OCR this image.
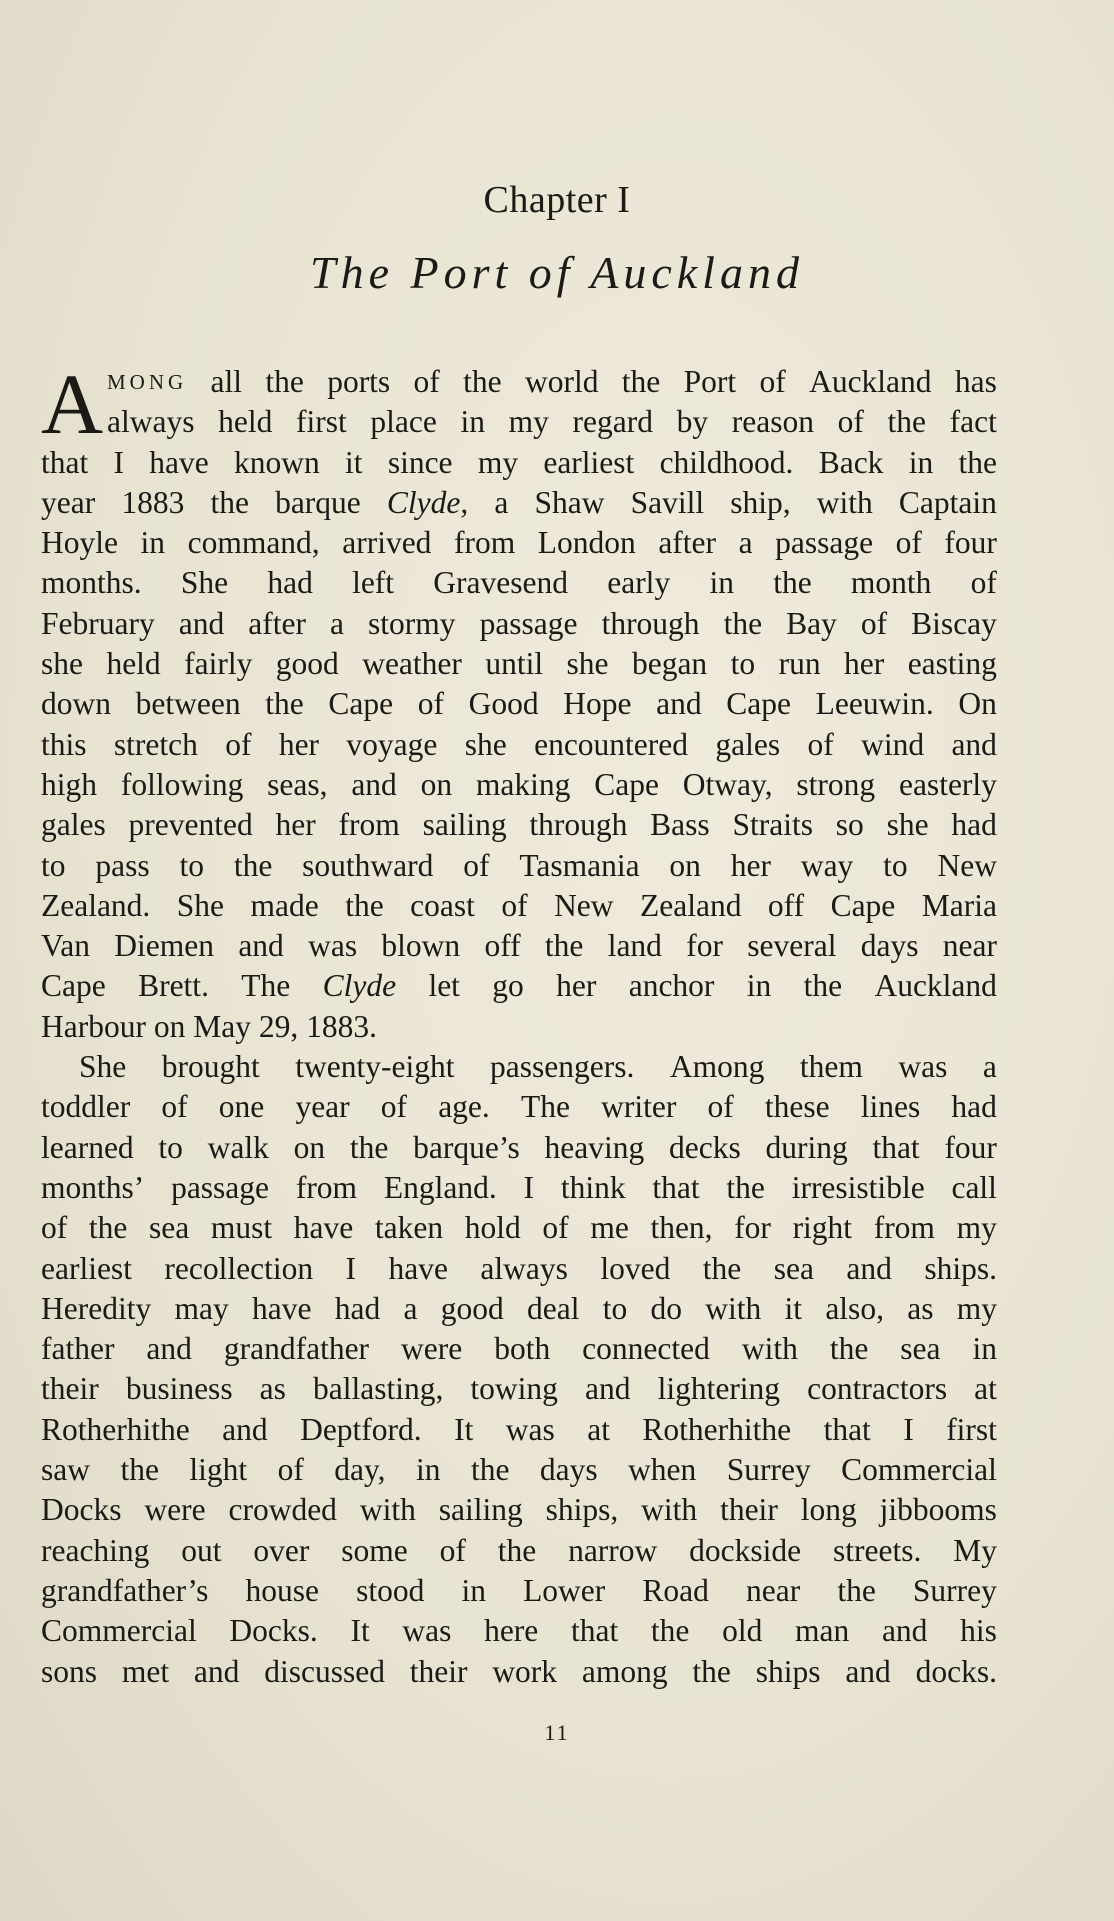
Chapter I
The Port of Auckland
A MONG all the ports of the world the Port of Auckland has
always held first place in my regard by reason of the fact
that I have known it since my earliest childhood. Back in the
year 1883 the barque Clyde, a Shaw Savill ship, with Captain
Hoyle in command, arrived from London after a passage of four
months. She had left Gravesend early in the month of
February and after a stormy passage through the Bay of Biscay
she held fairly good weather until she began to run her easting
down between the Cape of Good Hope and Cape Leeuwin. On
this stretch of her voyage she encountered gales of wind and
high following seas, and on making Cape Otway, strong easterly
gales prevented her from sailing through Bass Straits so she had
to pass to the southward of Tasmania on her way to New
Zealand. She made the coast of New Zealand off Cape Maria
Van Diemen and was blown off the land for several days near
Cape Brett. The Clyde let go her anchor in the Auckland
Harbour on May 29, 1883.
She brought twenty-eight passengers. Among them was a
toddler of one year of age. The writer of these lines had
learned to walk on the barque’s heaving decks during that four
months’ passage from England. I think that the irresistible call
of the sea must have taken hold of me then, for right from my
earliest recollection I have always loved the sea and ships.
Heredity may have had a good deal to do with it also, as my
father and grandfather were both connected with the sea in
their business as ballasting, towing and lightering contractors at
Rotherhithe and Deptford. It was at Rotherhithe that I first
saw the light of day, in the days when Surrey Commercial
Docks were crowded with sailing ships, with their long jibbooms
reaching out over some of the narrow dockside streets. My
grandfather’s house stood in Lower Road near the Surrey
Commercial Docks. It was here that the old man and his
sons met and discussed their work among the ships and docks.
11
